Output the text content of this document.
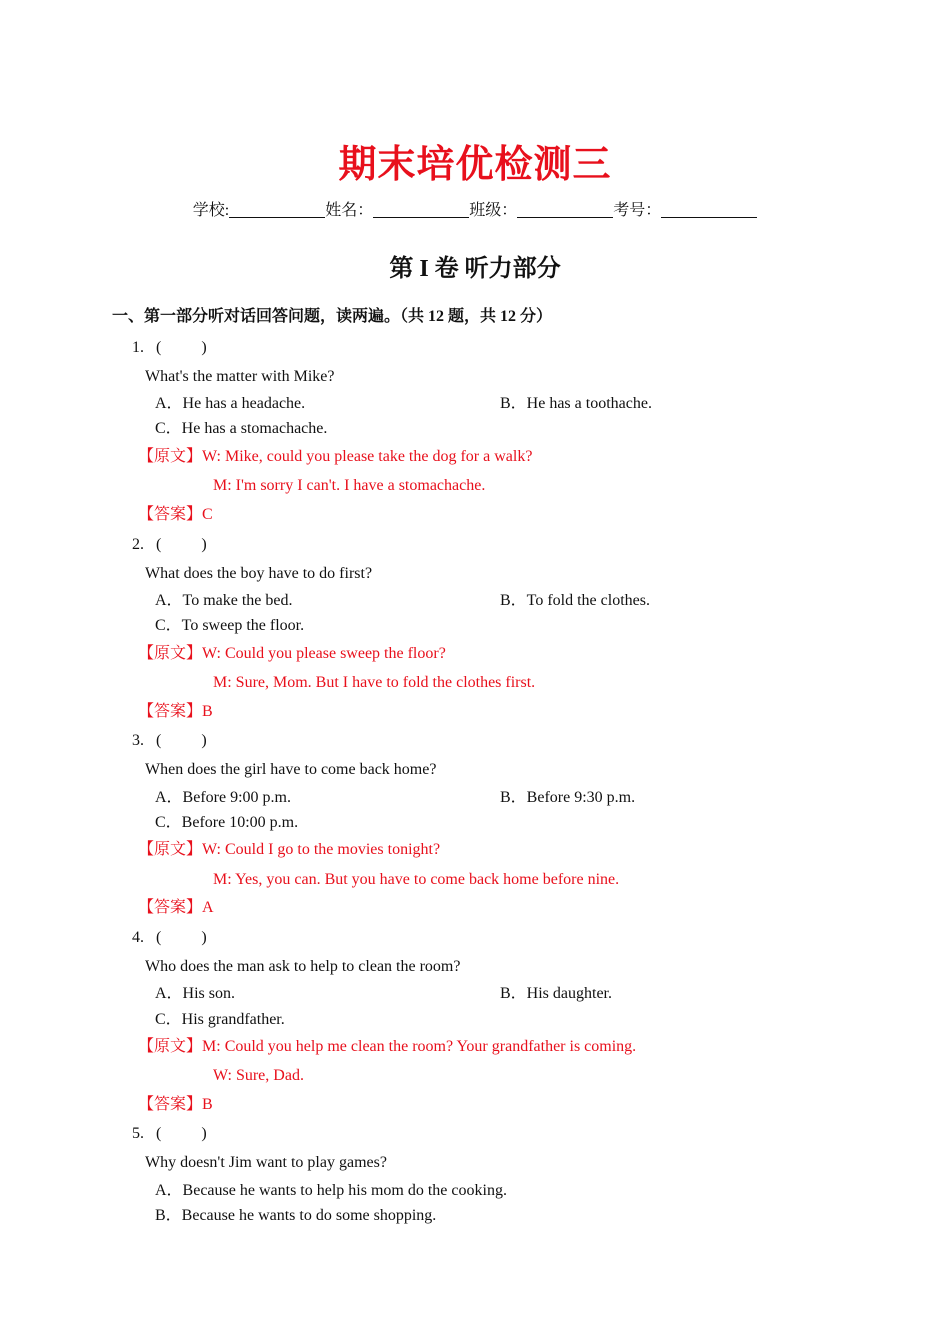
期末培优检测三
学校:	姓名：	班级：	考号：
第 I 卷 听力部分
一、第一部分听对话回答问题，读两遍。（共 12 题，共 12 分）
1. (	)
What's the matter with Mike?
A．He has a headache.	B．He has a toothache.
C．He has a stomachache.
【原文】W: Mike, could you please take the dog for a walk?
M: I'm sorry I can't. I have a stomachache.
【答案】C
2. (	)
What does the boy have to do first?
A．To make the bed.	B．To fold the clothes.
C．To sweep the floor.
【原文】W: Could you please sweep the floor?
M: Sure, Mom. But I have to fold the clothes first.
【答案】B
3. (	)
When does the girl have to come back home?
A．Before 9:00 p.m.	B．Before 9:30 p.m.
C．Before 10:00 p.m.
【原文】W: Could I go to the movies tonight?
M: Yes, you can. But you have to come back home before nine.
【答案】A
4. (	)
Who does the man ask to help to clean the room?
A．His son.	B．His daughter.
C．His grandfather.
【原文】M: Could you help me clean the room? Your grandfather is coming.
W: Sure, Dad.
【答案】B
5. (	)
Why doesn't Jim want to play games?
A．Because he wants to help his mom do the cooking.
B．Because he wants to do some shopping.
